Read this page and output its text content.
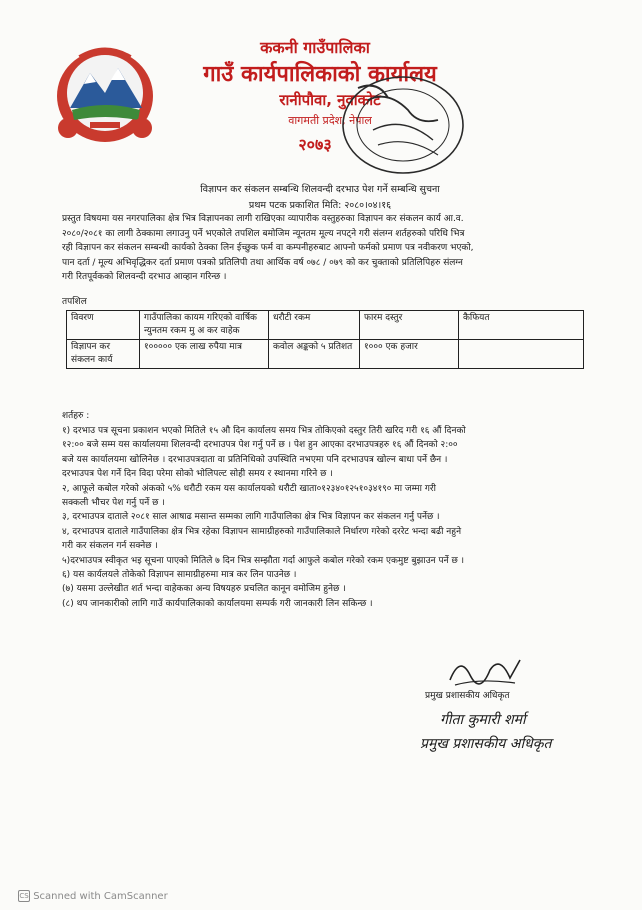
ककनी गाउँपालिका
गाउँ कार्यपालिकाको कार्यालय
रानीपौवा, नुवाकोट
वागमती प्रदेश, नेपाल
२०७३
विज्ञापन कर संकलन सम्बन्धि शिलवन्दी दरभाउ पेश गर्ने सम्बन्धि सुचना
प्रथम पटक प्रकाशित मिति: २०८०।०४।१६
प्रस्तुत विषयमा यस नगरपालिका क्षेत्र भित्र विज्ञापनका लागी राखिएका व्यापारीक वस्तुहरुका विज्ञापन कर संकलन कार्य आ.व.
२०८०/२०८१ का लागी ठेक्कामा लगाउनु पर्ने भएकोले तपशिल बमोजिम न्यूनतम मूल्य नपट्ने गरी संलग्न शर्तहरुको परिधि भित्र
रही विज्ञापन कर संकलन सम्बन्धी कार्यको ठेक्का लिन ईच्छुक फर्म वा कम्पनीहरुबाट आफ्नो फर्मको प्रमाण पत्र नवीकरण भएको,
पान दर्ता / मूल्य अभिवृद्धिकर दर्ता प्रमाण पत्रको प्रतिलिपी तथा आर्थिक वर्ष ०७८ / ०७९ को कर चुक्ताको प्रतिलिपिहरु संलग्न
गरी रितपूर्वकको शिलवन्दी दरभाउ आव्हान गरिन्छ ।
तपशिल
विवरण	गाउँपालिका कायम गरिएको वार्षिक न्युनतम रकम मु अ कर वाहेक	धरौटी रकम	फारम दस्तुर	कैफियत
विज्ञापन कर संकलन कार्य	१००००० एक लाख रुपैया मात्र	कवोल अङ्कको ५ प्रतिशत	१००० एक हजार	
शर्तहरु :
१) दरभाउ पत्र सूचना प्रकाशन भएको मितिले १५ औ दिन कार्यालय समय भित्र तोकिएको दस्तुर तिरी खरिद गरी १६ औं दिनको
१२:०० बजे सम्म यस कार्यालयमा शिलवन्दी दरभाउपत्र पेश गर्नु पर्ने छ । पेश हुन आएका दरभाउपत्रहरु १६ औं दिनको २:००
बजे यस कार्यालयमा खोलिनेछ । दरभाउपत्रदाता वा प्रतिनिधिको उपस्थिति नभएमा पनि दरभाउपत्र खोल्न बाधा पर्ने छैन ।
दरभाउपत्र पेश गर्ने दिन विदा परेमा सोको भोलिपल्ट सोही समय र स्थानमा गरिने छ ।
२, आफूले कबोल गरेको अंकको ५% धरौटी रकम यस कार्यालयको धरौटी खाता०१२३४०१२५१०३४१९० मा जम्मा गरी
सक्कली भौचर पेश गर्नु पर्ने छ ।
३, दरभाउपत्र दाताले २०८१ साल आषाढ मसान्त सम्मका लागि गाउँपालिका क्षेत्र भित्र विज्ञापन कर संकलन गर्नु पर्नेछ ।
४, दरभाउपत्र दाताले गाउँपालिका क्षेत्र भित्र रहेका विज्ञापन सामाग्रीहरुको गाउँपालिकाले निर्धारण गरेको दररेट भन्दा बढी नहुने
गरी कर संकलन गर्न सक्नेछ ।
५)दरभाउपत्र स्वीकृत भइ सूचना पाएको मितिले ७ दिन भित्र सम्झौता गर्दा आफुले कबोल गरेको रकम एकमुष्ट बुझाउन पर्ने छ ।
६) यस कार्यलयले तोकेको विज्ञापन सामाग्रीहरुमा मात्र कर लिन पाउनेछ ।
(७) यसमा उल्लेखीत शर्त भन्दा वाहेकका अन्य विषयहरु प्रचलित कानून वमोजिम हुनेछ ।
(८) थप जानकारीको लागि गाउँ कार्यपालिकाको कार्यालयमा सम्पर्क गरी जानकारी लिन सकिन्छ ।
प्रमुख प्रशासकीय अधिकृत
गीता कुमारी शर्मा
प्रमुख प्रशासकीय अधिकृत
CS Scanned with CamScanner
